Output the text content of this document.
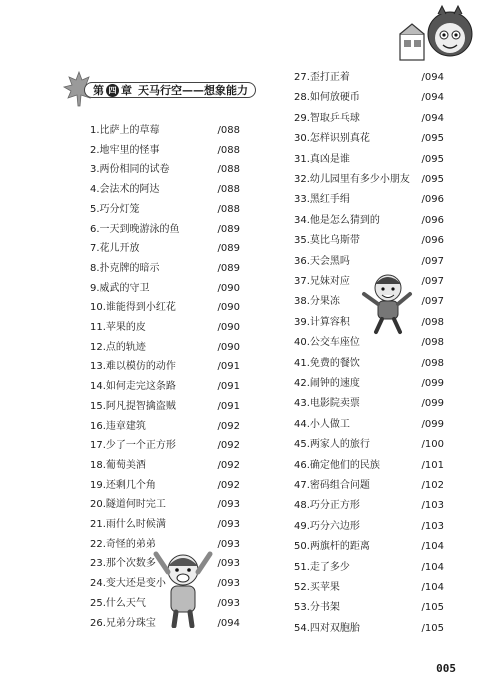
第 四 章 天马行空——想象能力
1.比萨上的草莓	/088
2.地牢里的怪事	/088
3.两份相同的试卷	/088
4.会法术的阿达	/088
5.巧分灯笼	/088
6.一天到晚游泳的鱼	/089
7.花儿开放	/089
8.扑克牌的暗示	/089
9.威武的守卫	/090
10.谁能得到小红花	/090
11.苹果的皮	/090
12.点的轨迹	/090
13.难以模仿的动作	/091
14.如何走完这条路	/091
15.阿凡提智擒盗贼	/091
16.违章建筑	/092
17.少了一个正方形	/092
18.葡萄美酒	/092
19.还剩几个角	/092
20.隧道何时完工	/093
21.雨什么时候满	/093
22.奇怪的弟弟	/093
23.那个次数多	/093
24.变大还是变小	/093
25.什么天气	/093
26.兄弟分珠宝	/094
27.歪打正着	/094
28.如何放硬币	/094
29.智取乒乓球	/094
30.怎样识别真花	/095
31.真凶是谁	/095
32.幼儿园里有多少小朋友 /095
33.黑红手绢	/096
34.他是怎么猜到的	/096
35.莫比乌斯带	/096
36.天会黑吗	/097
37.兄妹对应	/097
38.分果冻	/097
39.计算容积	/098
40.公交车座位	/098
41.免费的餐饮	/098
42.闹钟的速度	/099
43.电影院卖票	/099
44.小人做工	/099
45.两家人的旅行	/100
46.确定他们的民族	/101
47.密码组合问题	/102
48.巧分正方形	/103
49.巧分六边形	/103
50.两旗杆的距离	/104
51.走了多少	/104
52.买苹果	/104
53.分书架	/105
54.四对双胞胎	/105
005
